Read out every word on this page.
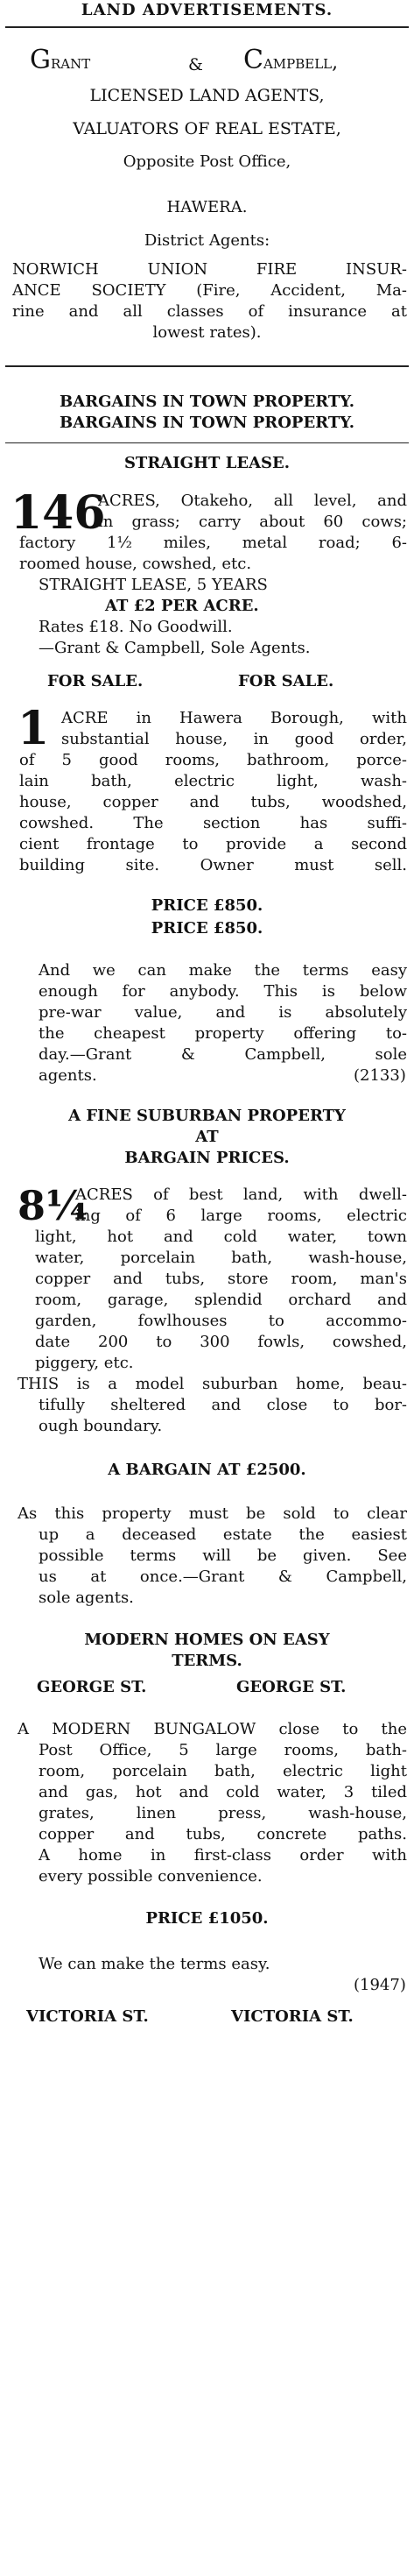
LAND ADVERTISEMENTS.
Grant	& Campbell,
LICENSED LAND AGENTS,
VALUATORS OF REAL ESTATE,
Opposite Post Office,
HAWERA.
District Agents:
NORWICH UNION FIRE INSUR-
ANCE SOCIETY (Fire, Accident, Ma-
rine and all classes of insurance at
lowest rates).
BARGAINS IN TOWN PROPERTY.
BARGAINS IN TOWN PROPERTY.
STRAIGHT LEASE.
146
ACRES, Otakeho, all level, and
in grass; carry about 60 cows;
factory 1½ miles, metal road; 6-
roomed house, cowshed, etc.
STRAIGHT LEASE, 5 YEARS
AT £2 PER ACRE.
Rates £18. No Goodwill.
—Grant & Campbell, Sole Agents.
FOR SALE.	FOR SALE.
1 ACRE in Hawera Borough, with
substantial house, in good order,
of 5 good rooms, bathroom, porce-
lain bath, electric light, wash-
house, copper and tubs, woodshed,
cowshed. The section has suffi-
cient frontage to provide a second
building site. Owner must sell.
PRICE £850.
PRICE £850.
And we can make the terms easy
enough for anybody. This is below
pre-war value, and is absolutely
the cheapest property offering to-
day.—Grant & Campbell, sole
agents.	(2133)
A FINE SUBURBAN PROPERTY
AT
BARGAIN PRICES.
8¼
ACRES of best land, with dwell-
ing of 6 large rooms, electric
light, hot and cold water, town
water, porcelain bath, wash-house,
copper and tubs, store room, man's
room, garage, splendid orchard and
garden, fowlhouses to accommo-
date 200 to 300 fowls, cowshed,
piggery, etc.
THIS is a model suburban home, beau-
tifully sheltered and close to bor-
ough boundary.
A BARGAIN AT £2500.
As this property must be sold to clear
up a deceased estate the easiest
possible terms will be given. See
us at once.—Grant & Campbell,
sole agents.
MODERN HOMES ON EASY
TERMS.
GEORGE ST.	GEORGE ST.
A MODERN BUNGALOW close to the
Post Office, 5 large rooms, bath-
room, porcelain bath, electric light
and gas, hot and cold water, 3 tiled
grates, linen press, wash-house,
copper and tubs, concrete paths.
A home in first-class order with
every possible convenience.
PRICE £1050.
We can make the terms easy.
(1947)
VICTORIA ST.	VICTORIA ST.
